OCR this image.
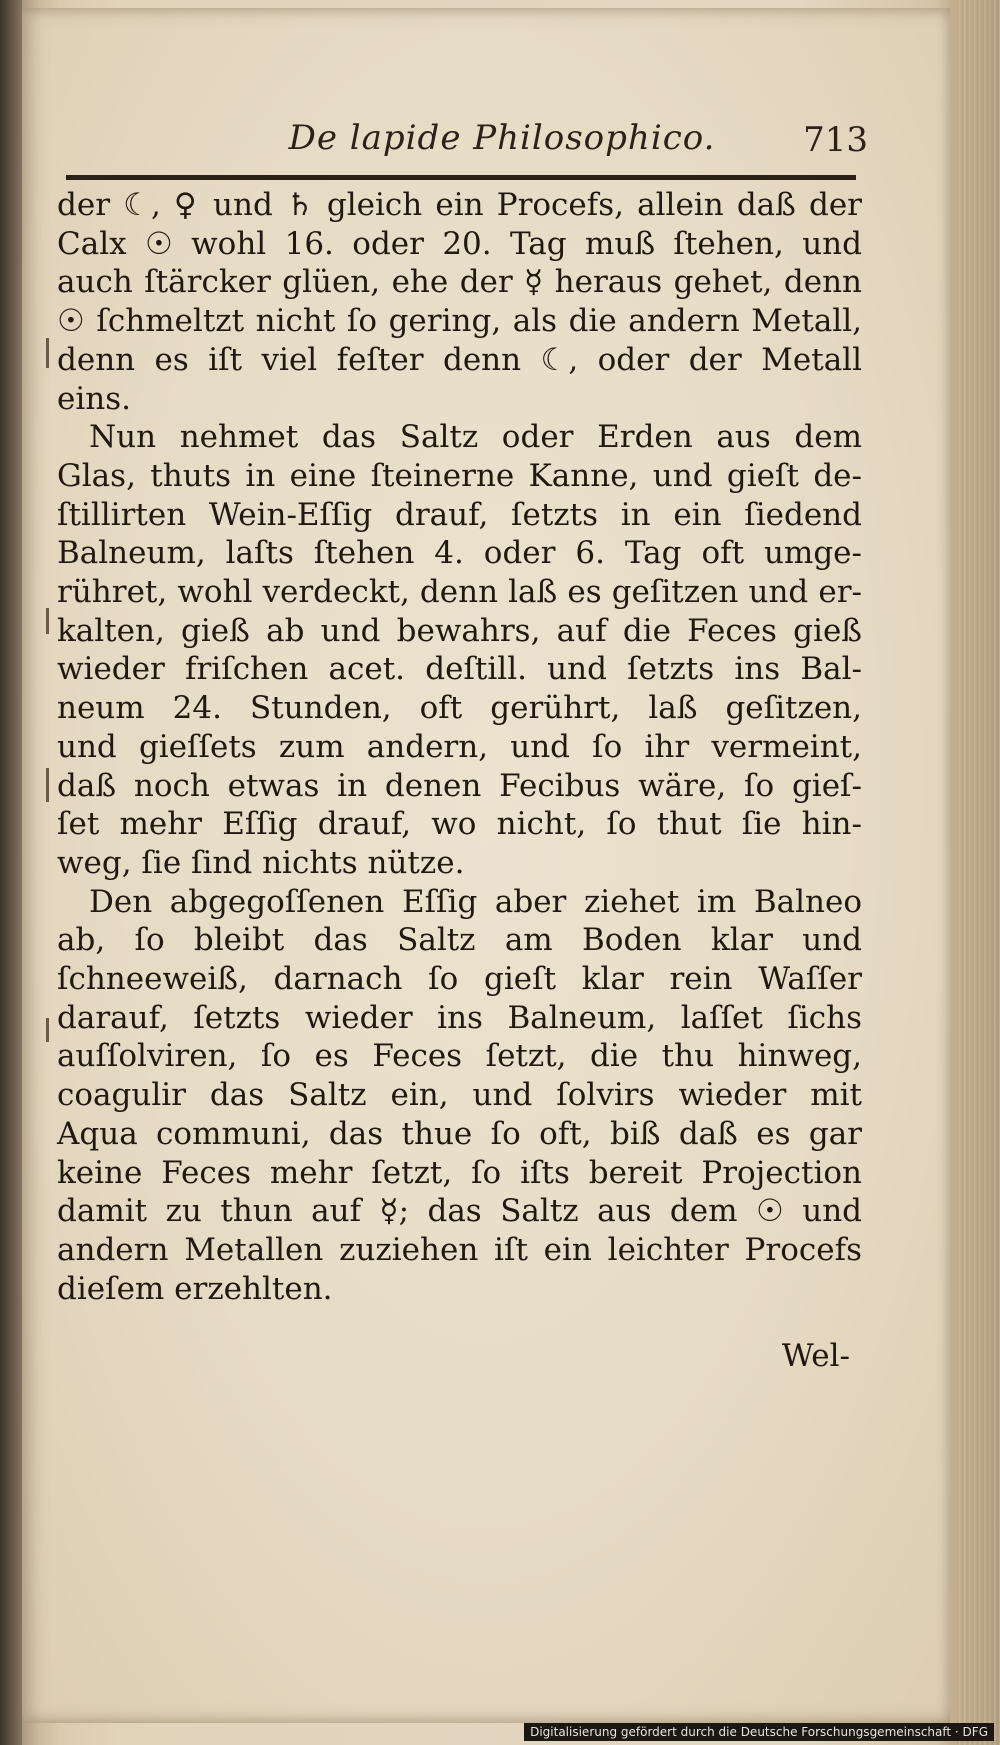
De lapide Philosophico.	713
der ☾, ♀ und ♄ gleich ein Procefs, allein daß der
Calx ☉ wohl 16. oder 20. Tag muß ſtehen, und
auch ſtärcker glüen, ehe der ☿ heraus gehet, denn
☉ ſchmeltzt nicht ſo gering, als die andern Metall,
denn es iſt viel feſter denn ☾, oder der Metall
eins.
Nun nehmet das Saltz oder Erden aus dem
Glas, thuts in eine ſteinerne Kanne, und gieſt de-
ſtillirten Wein-Eſſig drauf, ſetzts in ein ſiedend
Balneum, laſts ſtehen 4. oder 6. Tag oft umge-
rühret, wohl verdeckt, denn laß es geſitzen und er-
kalten, gieß ab und bewahrs, auf die Feces gieß
wieder friſchen acet. deſtill. und ſetzts ins Bal-
neum 24. Stunden, oft gerührt, laß geſitzen,
und gieſſets zum andern, und ſo ihr vermeint,
daß noch etwas in denen Fecibus wäre, ſo gieſ-
ſet mehr Eſſig drauf, wo nicht, ſo thut ſie hin-
weg, ſie ſind nichts nütze.
Den abgegoſſenen Eſſig aber ziehet im Balneo
ab, ſo bleibt das Saltz am Boden klar und
ſchneeweiß, darnach ſo gieſt klar rein Waſſer
darauf, ſetzts wieder ins Balneum, laſſet ſichs
auſſolviren, ſo es Feces ſetzt, die thu hinweg,
coagulir das Saltz ein, und ſolvirs wieder mit
Aqua communi, das thue ſo oft, biß daß es gar
keine Feces mehr ſetzt, ſo iſts bereit Projection
damit zu thun auf ☿; das Saltz aus dem ☉ und
andern Metallen zuziehen iſt ein leichter Procefs
dieſem erzehlten.
Wel-
Digitalisierung gefördert durch die Deutsche Forschungsgemeinschaft · DFG
